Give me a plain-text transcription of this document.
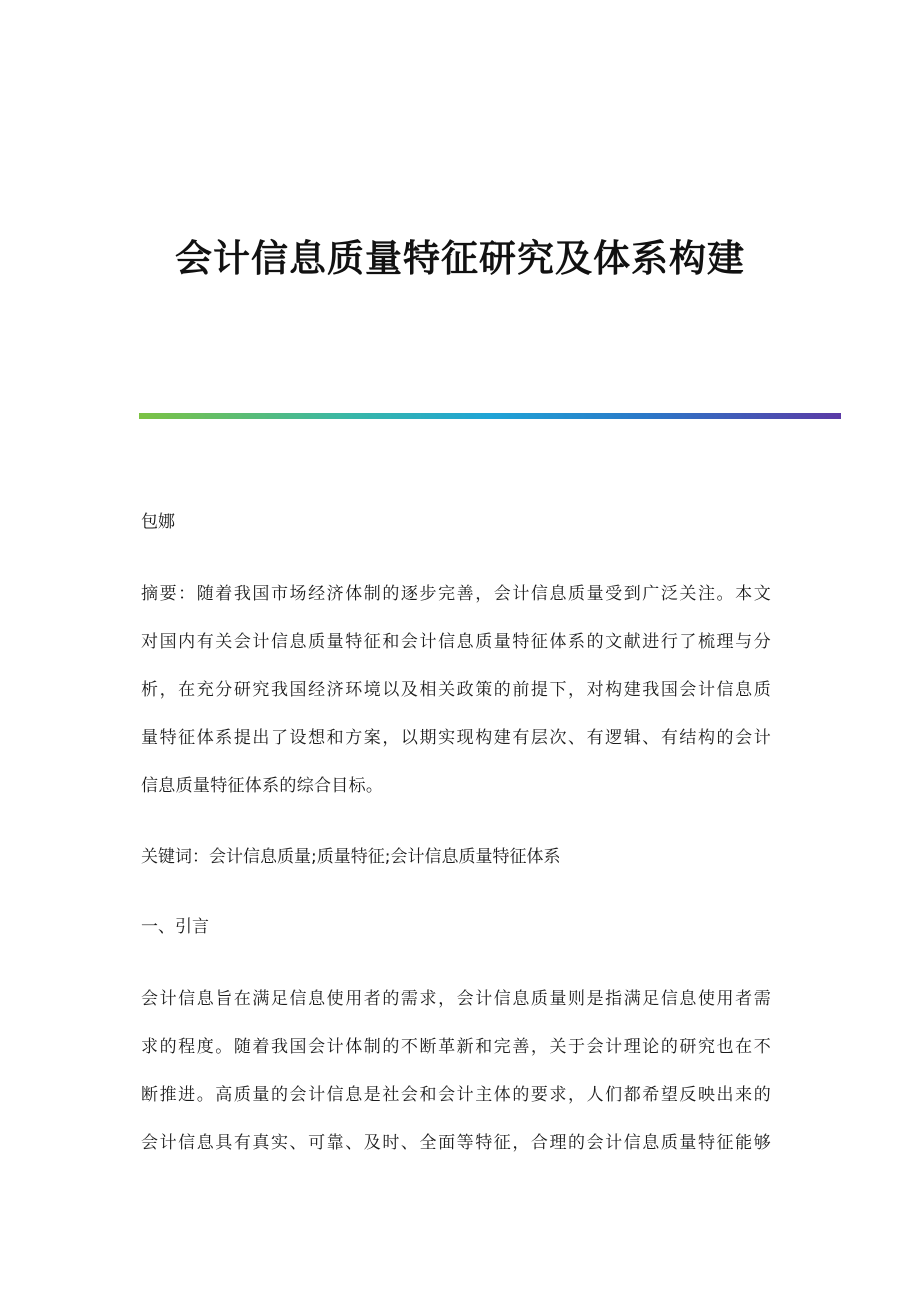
会计信息质量特征研究及体系构建

包娜

摘要：随着我国市场经济体制的逐步完善，会计信息质量受到广泛关注。本文
对国内有关会计信息质量特征和会计信息质量特征体系的文献进行了梳理与分
析，在充分研究我国经济环境以及相关政策的前提下，对构建我国会计信息质
量特征体系提出了设想和方案，以期实现构建有层次、有逻辑、有结构的会计
信息质量特征体系的综合目标。

关键词：会计信息质量;质量特征;会计信息质量特征体系

一、引言

会计信息旨在满足信息使用者的需求，会计信息质量则是指满足信息使用者需
求的程度。随着我国会计体制的不断革新和完善，关于会计理论的研究也在不
断推进。高质量的会计信息是社会和会计主体的要求，人们都希望反映出来的
会计信息具有真实、可靠、及时、全面等特征，合理的会计信息质量特征能够
